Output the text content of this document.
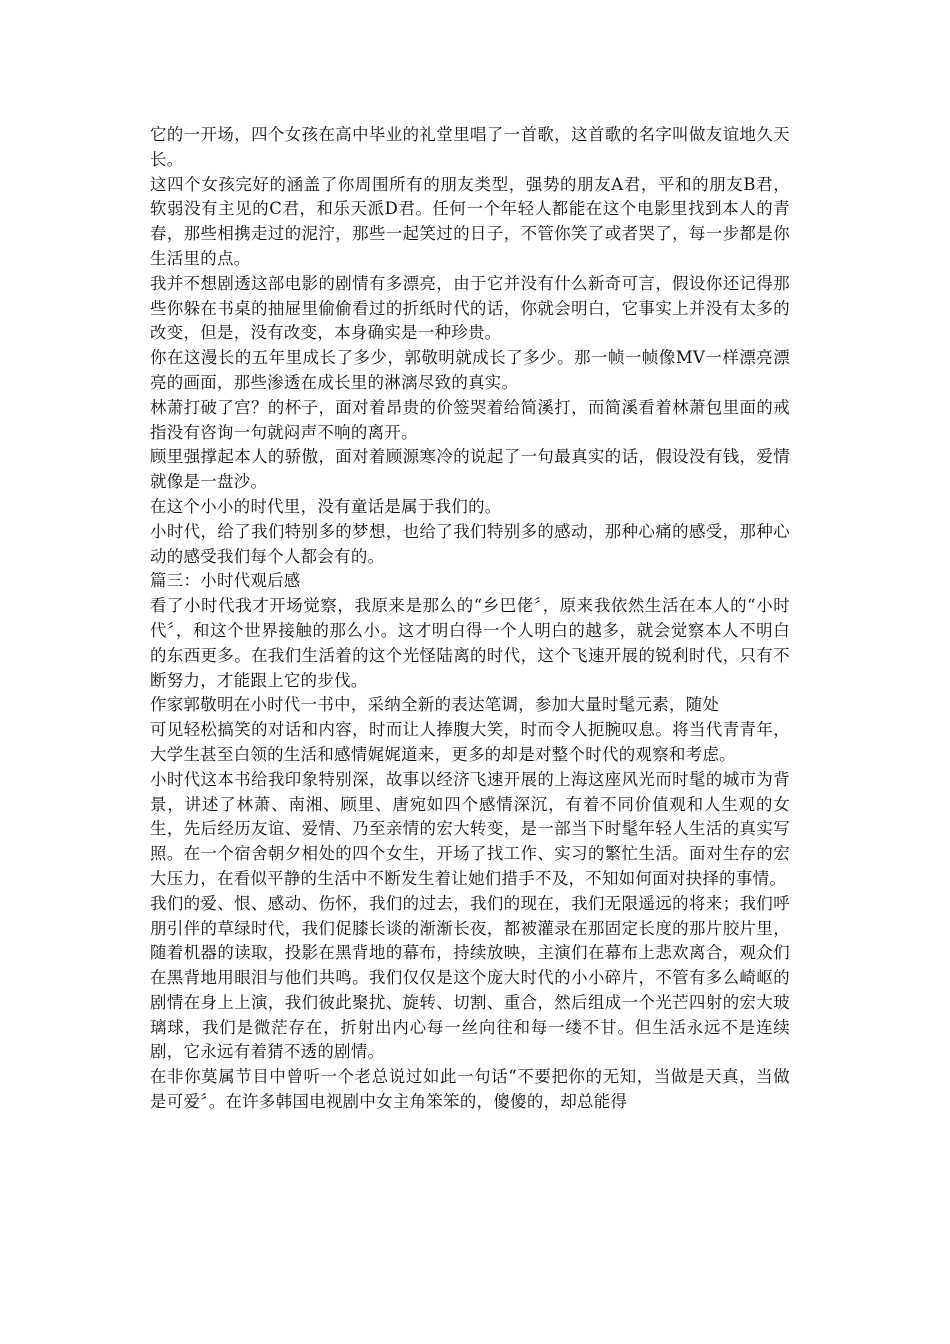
它的一开场，四个女孩在高中毕业的礼堂里唱了一首歌，这首歌的名字叫做友谊地久天长。

这四个女孩完好的涵盖了你周围所有的朋友类型，强势的朋友A君，平和的朋友B君，软弱没有主见的C君，和乐天派D君。任何一个年轻人都能在这个电影里找到本人的青春，那些相携走过的泥泞，那些一起笑过的日子，不管你笑了或者哭了，每一步都是你生活里的点。

我并不想剧透这部电影的剧情有多漂亮，由于它并没有什么新奇可言，假设你还记得那些你躲在书桌的抽屉里偷偷看过的折纸时代的话，你就会明白，它事实上并没有太多的改变，但是，没有改变，本身确实是一种珍贵。

你在这漫长的五年里成长了多少，郭敬明就成长了多少。那一帧一帧像MV一样漂亮漂亮的画面，那些渗透在成长里的淋漓尽致的真实。

林萧打破了宫？的杯子，面对着昂贵的价签哭着给简溪打，而简溪看着林萧包里面的戒指没有咨询一句就闷声不响的离开。

顾里强撑起本人的骄傲，面对着顾源寒冷的说起了一句最真实的话，假设没有钱，爱情就像是一盘沙。

在这个小小的时代里，没有童话是属于我们的。

小时代，给了我们特别多的梦想，也给了我们特别多的感动，那种心痛的感受，那种心动的感受我们每个人都会有的。

篇三：小时代观后感

看了小时代我才开场觉察，我原来是那么的“乡巴佬〞，原来我依然生活在本人的“小时代〞，和这个世界接触的那么小。这才明白得一个人明白的越多，就会觉察本人不明白的东西更多。在我们生活着的这个光怪陆离的时代，这个飞速开展的锐利时代，只有不断努力，才能跟上它的步伐。

作家郭敬明在小时代一书中，采纳全新的表达笔调，参加大量时髦元素，随处

可见轻松搞笑的对话和内容，时而让人捧腹大笑，时而令人扼腕叹息。将当代青青年，大学生甚至白领的生活和感情娓娓道来，更多的却是对整个时代的观察和考虑。

小时代这本书给我印象特别深，故事以经济飞速开展的上海这座风光而时髦的城市为背景，讲述了林萧、南湘、顾里、唐宛如四个感情深沉，有着不同价值观和人生观的女生，先后经历友谊、爱情、乃至亲情的宏大转变，是一部当下时髦年轻人生活的真实写照。在一个宿舍朝夕相处的四个女生，开场了找工作、实习的繁忙生活。面对生存的宏大压力，在看似平静的生活中不断发生着让她们措手不及，不知如何面对抉择的事情。

我们的爱、恨、感动、伤怀，我们的过去，我们的现在，我们无限遥远的将来；我们呼朋引伴的草绿时代，我们促膝长谈的渐渐长夜，都被灌录在那固定长度的那片胶片里，随着机器的读取，投影在黑背地的幕布，持续放映，主演们在幕布上悲欢离合，观众们在黑背地用眼泪与他们共鸣。我们仅仅是这个庞大时代的小小碎片，不管有多么崎岖的剧情在身上上演，我们彼此聚扰、旋转、切割、重合，然后组成一个光芒四射的宏大玻璃球，我们是微茫存在，折射出内心每一丝向往和每一缕不甘。但生活永远不是连续剧，它永远有着猜不透的剧情。

在非你莫属节目中曾听一个老总说过如此一句话“不要把你的无知，当做是天真，当做是可爱〞。在许多韩国电视剧中女主角笨笨的，傻傻的，却总能得
